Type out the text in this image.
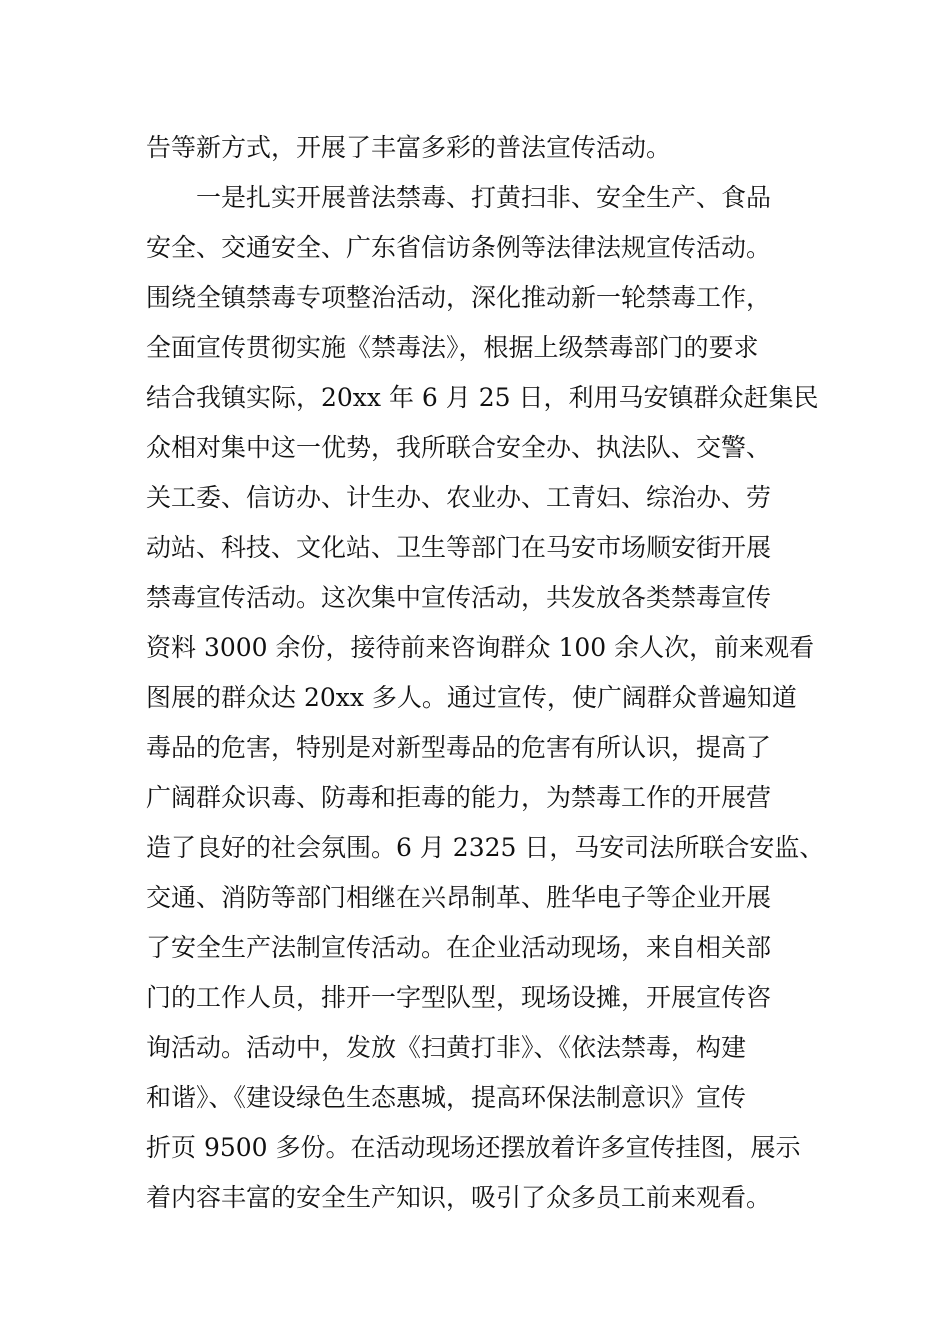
告等新方式，开展了丰富多彩的普法宣传活动。
一是扎实开展普法禁毒、打黄扫非、安全生产、食品
安全、交通安全、广东省信访条例等法律法规宣传活动。
围绕全镇禁毒专项整治活动，深化推动新一轮禁毒工作，
全面宣传贯彻实施《禁毒法》，根据上级禁毒部门的要求
结合我镇实际，20xx 年 6 月 25 日，利用马安镇群众赶集民
众相对集中这一优势，我所联合安全办、执法队、交警、
关工委、信访办、计生办、农业办、工青妇、综治办、劳
动站、科技、文化站、卫生等部门在马安市场顺安街开展
禁毒宣传活动。这次集中宣传活动，共发放各类禁毒宣传
资料 3000 余份，接待前来咨询群众 100 余人次，前来观看
图展的群众达 20xx 多人。通过宣传，使广阔群众普遍知道
毒品的危害，特别是对新型毒品的危害有所认识，提高了
广阔群众识毒、防毒和拒毒的能力，为禁毒工作的开展营
造了良好的社会氛围。6 月 2325 日，马安司法所联合安监、
交通、消防等部门相继在兴昂制革、胜华电子等企业开展
了安全生产法制宣传活动。在企业活动现场，来自相关部
门的工作人员，排开一字型队型，现场设摊，开展宣传咨
询活动。活动中，发放《扫黄打非》、《依法禁毒，构建
和谐》、《建设绿色生态惠城，提高环保法制意识》宣传
折页 9500 多份。在活动现场还摆放着许多宣传挂图，展示
着内容丰富的安全生产知识，吸引了众多员工前来观看。
